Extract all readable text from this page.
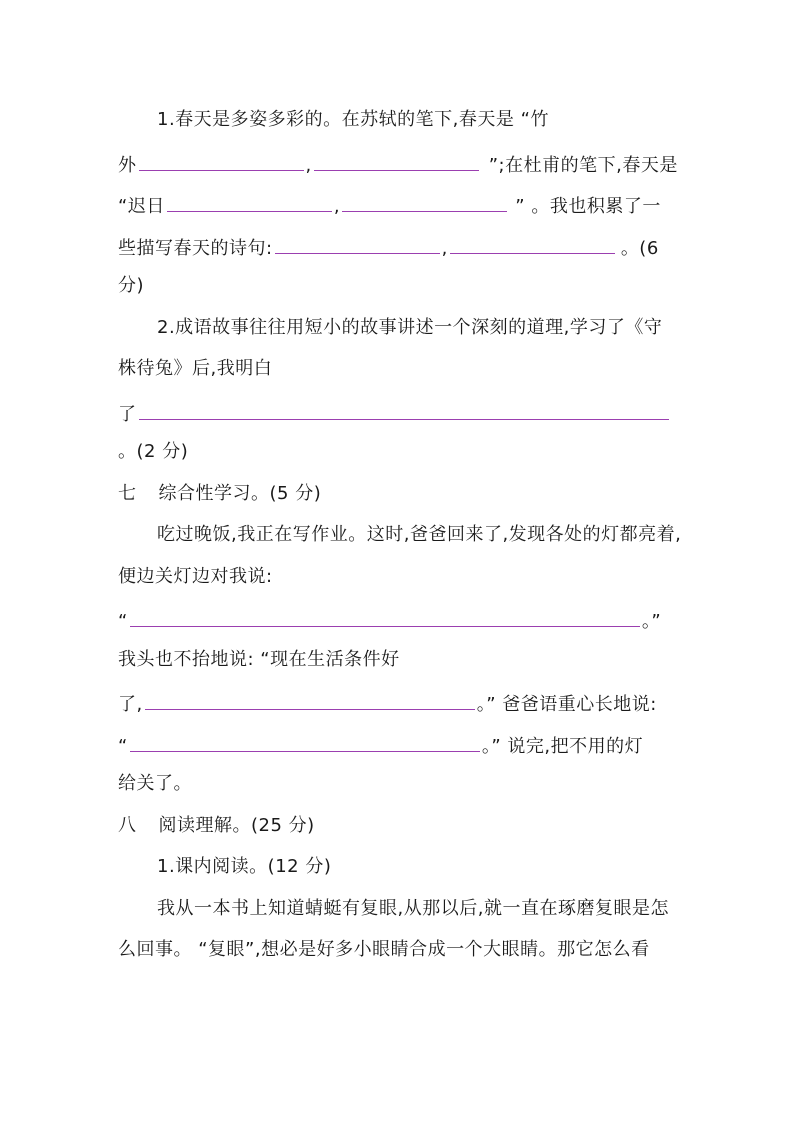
1.春天是多姿多彩的。在苏轼的笔下,春天是 “竹
外	,	”;在杜甫的笔下,春天是
“迟日	,	” 。我也积累了一
些描写春天的诗句:	,	。(6
分)
2.成语故事往往用短小的故事讲述一个深刻的道理,学习了《守
株待兔》后,我明白
了
。(2 分)
七 综合性学习。(5 分)
吃过晚饭,我正在写作业。这时,爸爸回来了,发现各处的灯都亮着,
便边关灯边对我说:
“	。”
我头也不抬地说: “现在生活条件好
了,	。” 爸爸语重心长地说:
“	。” 说完,把不用的灯
给关了。
八 阅读理解。(25 分)
1.课内阅读。(12 分)
我从一本书上知道蜻蜓有复眼,从那以后,就一直在琢磨复眼是怎
么回事。 “复眼”,想必是好多小眼睛合成一个大眼睛。那它怎么看
